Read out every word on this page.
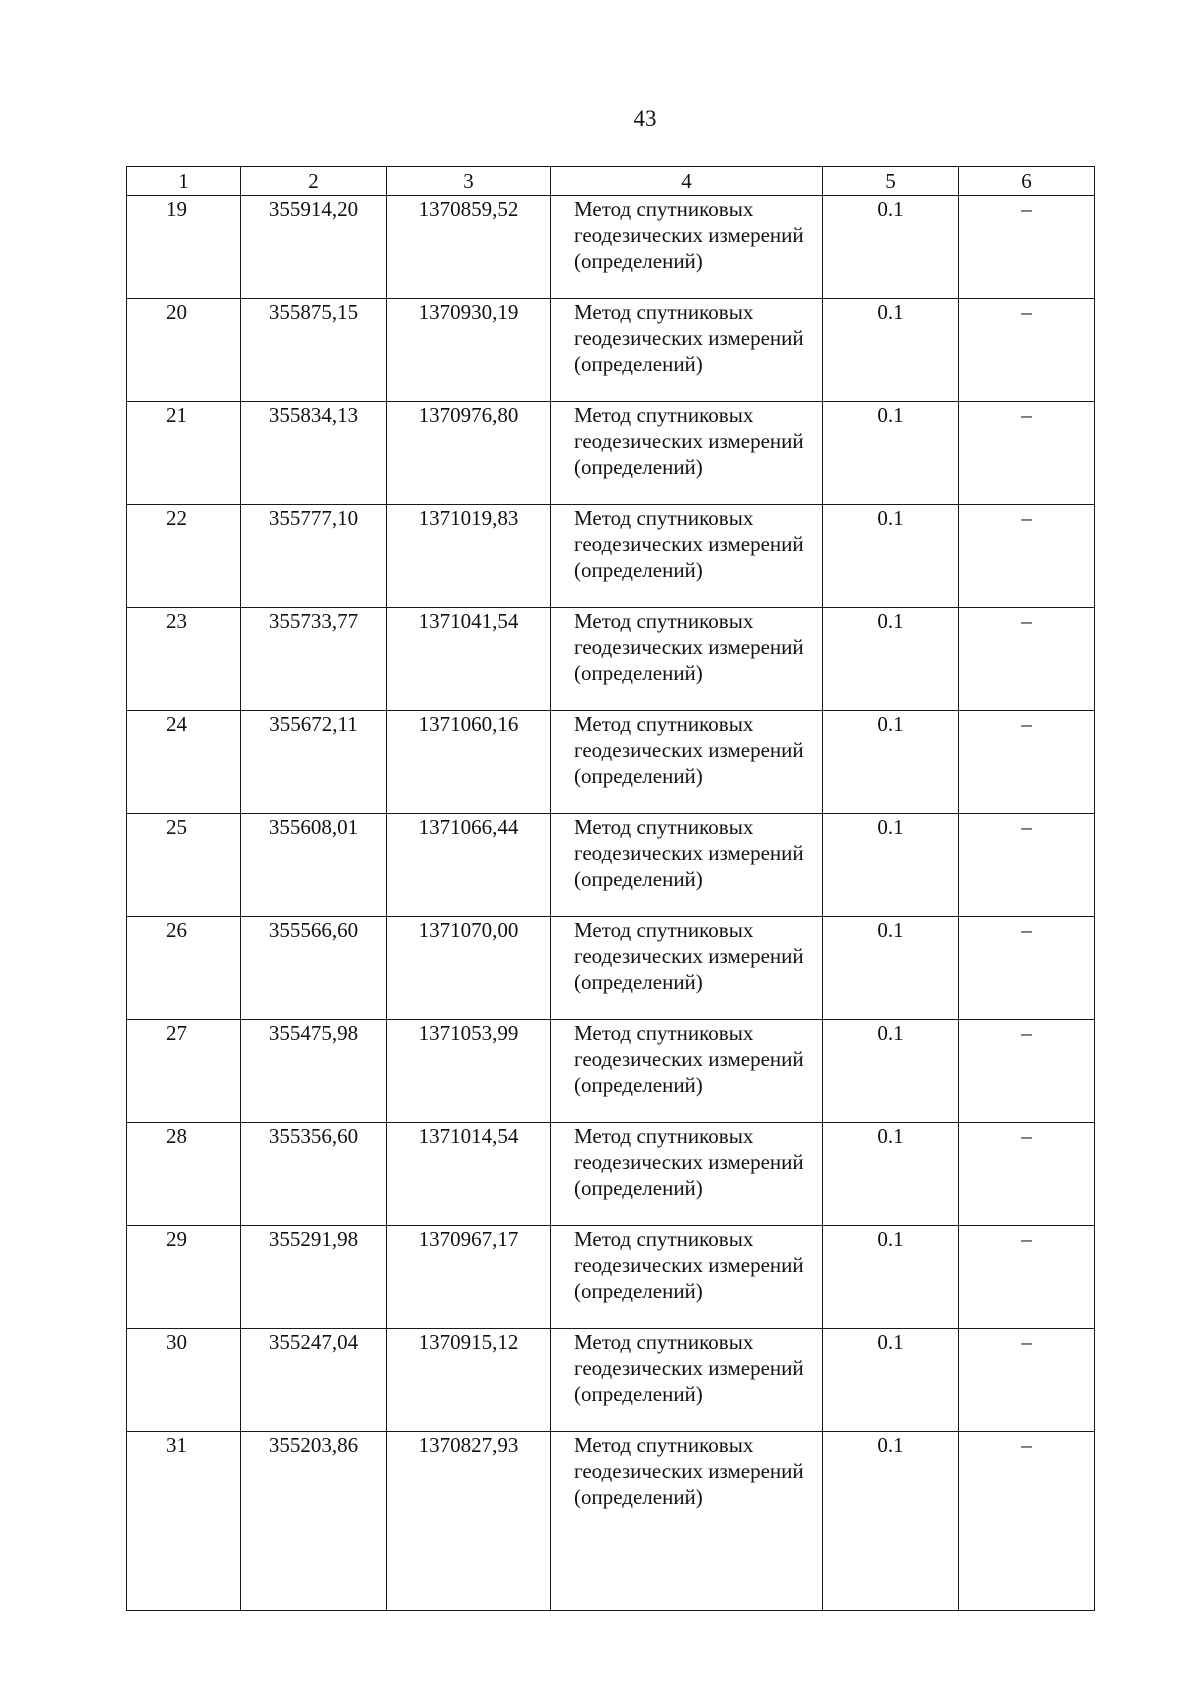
43
1	2	3	4	5	6
19	355914,20	1370859,52	Метод спутниковых геодезических измерений (определений)	0.1	–
20	355875,15	1370930,19	Метод спутниковых геодезических измерений (определений)	0.1	–
21	355834,13	1370976,80	Метод спутниковых геодезических измерений (определений)	0.1	–
22	355777,10	1371019,83	Метод спутниковых геодезических измерений (определений)	0.1	–
23	355733,77	1371041,54	Метод спутниковых геодезических измерений (определений)	0.1	–
24	355672,11	1371060,16	Метод спутниковых геодезических измерений (определений)	0.1	–
25	355608,01	1371066,44	Метод спутниковых геодезических измерений (определений)	0.1	–
26	355566,60	1371070,00	Метод спутниковых геодезических измерений (определений)	0.1	–
27	355475,98	1371053,99	Метод спутниковых геодезических измерений (определений)	0.1	–
28	355356,60	1371014,54	Метод спутниковых геодезических измерений (определений)	0.1	–
29	355291,98	1370967,17	Метод спутниковых геодезических измерений (определений)	0.1	–
30	355247,04	1370915,12	Метод спутниковых геодезических измерений (определений)	0.1	–
31	355203,86	1370827,93	Метод спутниковых геодезических измерений (определений)	0.1	–
